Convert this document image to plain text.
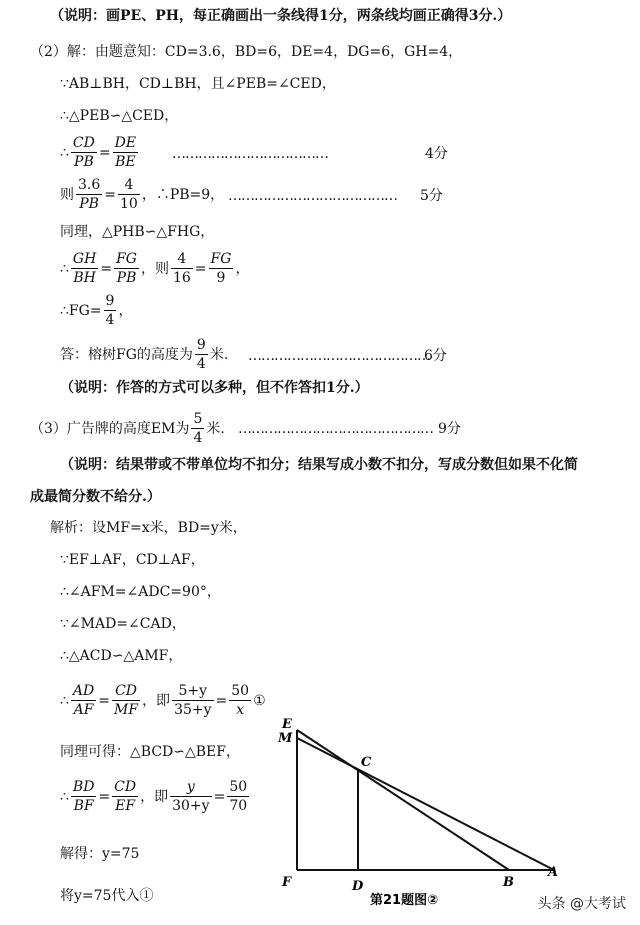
（说明：画PE、PH，每正确画出一条线得1分，两条线均画正确得3分.）
（2）解：由题意知：CD=3.6，BD=6，DE=4，DG=6，GH=4，
∵AB⊥BH，CD⊥BH，且∠PEB=∠CED，
∴△PEB∽△CED，
∴ $\frac{CD}{PB} = \frac{DE}{BE}$ ………………………………	4分
则 $\frac{3.6}{PB} = \frac{4}{10}$ ，∴PB=9， ………………………………… 5分
同理，△PHB∽△FHG，
∴ $\frac{GH}{BH} = \frac{FG}{PB}$ ，则 $\frac{4}{16} = \frac{FG}{9}$ ，
∴FG= $\frac{9}{4}$ ，
答：榕树FG的高度为 $\frac{9}{4}$ 米. ……………………………………
6分
（说明：作答的方式可以多种，但不作答扣1分.）
（3）广告牌的高度EM为 $\frac{5}{4}$ 米. ……………………………………… 9分
（说明：结果带或不带单位均不扣分；结果写成小数不扣分，写成分数但如果不化简
成最简分数不给分.）
解析：设MF=x米，BD=y米，
∵EF⊥AF，CD⊥AF，
∴∠AFM=∠ADC=90°，
∵∠MAD=∠CAD，
∴△ACD∽△AMF，
∴ $\frac{AD}{AF} = \frac{CD}{MF}$ ，即 $\frac{5+y}{35+y} = \frac{50}{x}$ ①
同理可得：△BCD∽△BEF，
∴ $\frac{BD}{BF} = \frac{CD}{EF}$ ，即 $\frac{y}{30+y} = \frac{50}{70}$
解得：y=75
将y=75代入①
E
M
C
F	D	B
A
第21题图②	头条 @大考试
